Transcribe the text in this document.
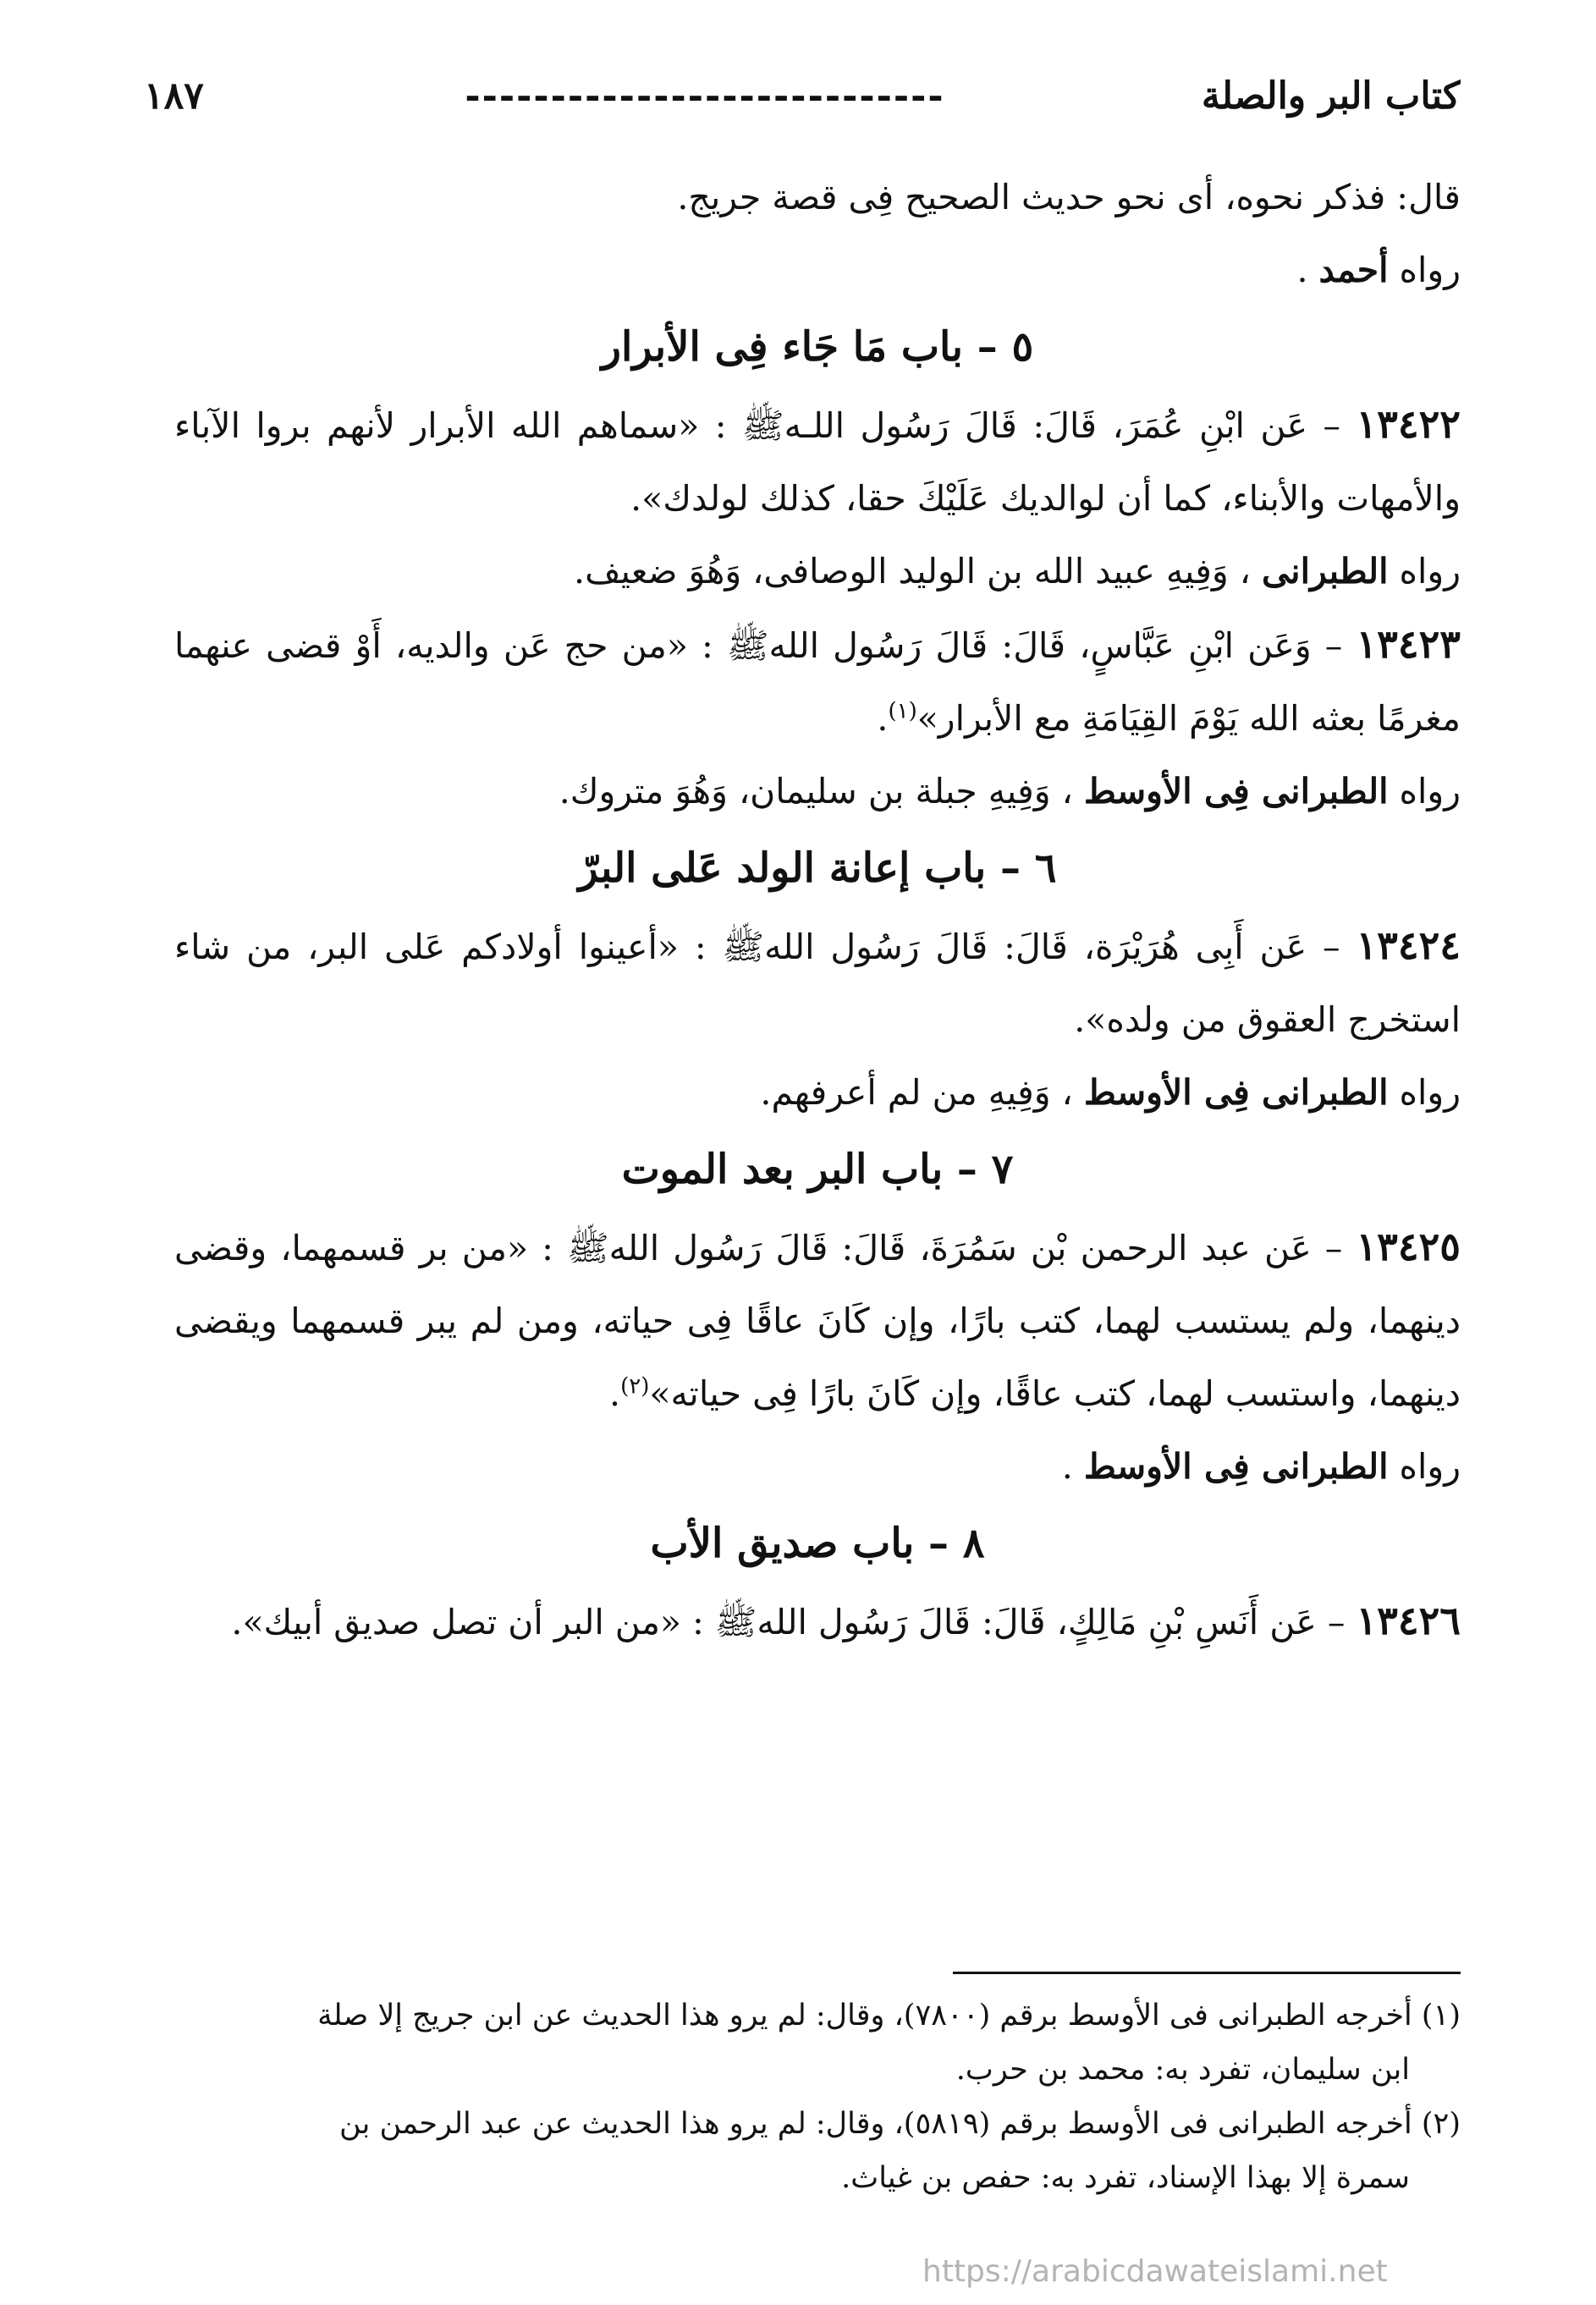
كتاب البر والصلة
----------------------------
١٨٧

قال: فذكر نحوه، أى نحو حديث الصحيح فِى قصة جريج.

رواه أحمد .

٥ – باب مَا جَاء فِى الأبرار

١٣٤٢٢ – عَن ابْنِ عُمَرَ، قَالَ: قَالَ رَسُول اللـهﷺ : «سماهم الله الأبرار لأنهم بروا الآباء والأمهات والأبناء، كما أن لوالديك عَلَيْكَ حقا، كذلك لولدك».

رواه الطبرانى ، وَفِيهِ عبيد الله بن الوليد الوصافى، وَهُوَ ضعيف.

١٣٤٢٣ – وَعَن ابْنِ عَبَّاسٍ، قَالَ: قَالَ رَسُول اللهﷺ : «من حج عَن والديه، أَوْ قضى عنهما مغرمًا بعثه الله يَوْمَ القِيَامَةِ مع الأبرار»$^{(١)}$.

رواه الطبرانى فِى الأوسط ، وَفِيهِ جبلة بن سليمان، وَهُوَ متروك.

٦ – باب إعانة الولد عَلى البرّ

١٣٤٢٤ – عَن أَبِى هُرَيْرَة، قَالَ: قَالَ رَسُول اللهﷺ : «أعينوا أولادكم عَلى البر، من شاء استخرج العقوق من ولده».

رواه الطبرانى فِى الأوسط ، وَفِيهِ من لم أعرفهم.

٧ – باب البر بعد الموت

١٣٤٢٥ – عَن عبد الرحمن بْن سَمُرَةَ، قَالَ: قَالَ رَسُول اللهﷺ : «من بر قسمهما، وقضى دينهما، ولم يستسب لهما، كتب بارًا، وإن كَانَ عاقًا فِى حياته، ومن لم يبر قسمهما ويقضى دينهما، واستسب لهما، كتب عاقًا، وإن كَانَ بارًا فِى حياته»$^{(٢)}$.

رواه الطبرانى فِى الأوسط .

٨ – باب صديق الأب

١٣٤٢٦ – عَن أَنَسِ بْنِ مَالِكٍ، قَالَ: قَالَ رَسُول اللهﷺ : «من البر أن تصل صديق أبيك».

(١) أخرجه الطبرانى فى الأوسط برقم (٧٨٠٠)، وقال: لم يرو هذا الحديث عن ابن جريج إلا صلة

ابن سليمان، تفرد به: محمد بن حرب.

(٢) أخرجه الطبرانى فى الأوسط برقم (٥٨١٩)، وقال: لم يرو هذا الحديث عن عبد الرحمن بن

سمرة إلا بهذا الإسناد، تفرد به: حفص بن غياث.

https://arabicdawateislami.net
